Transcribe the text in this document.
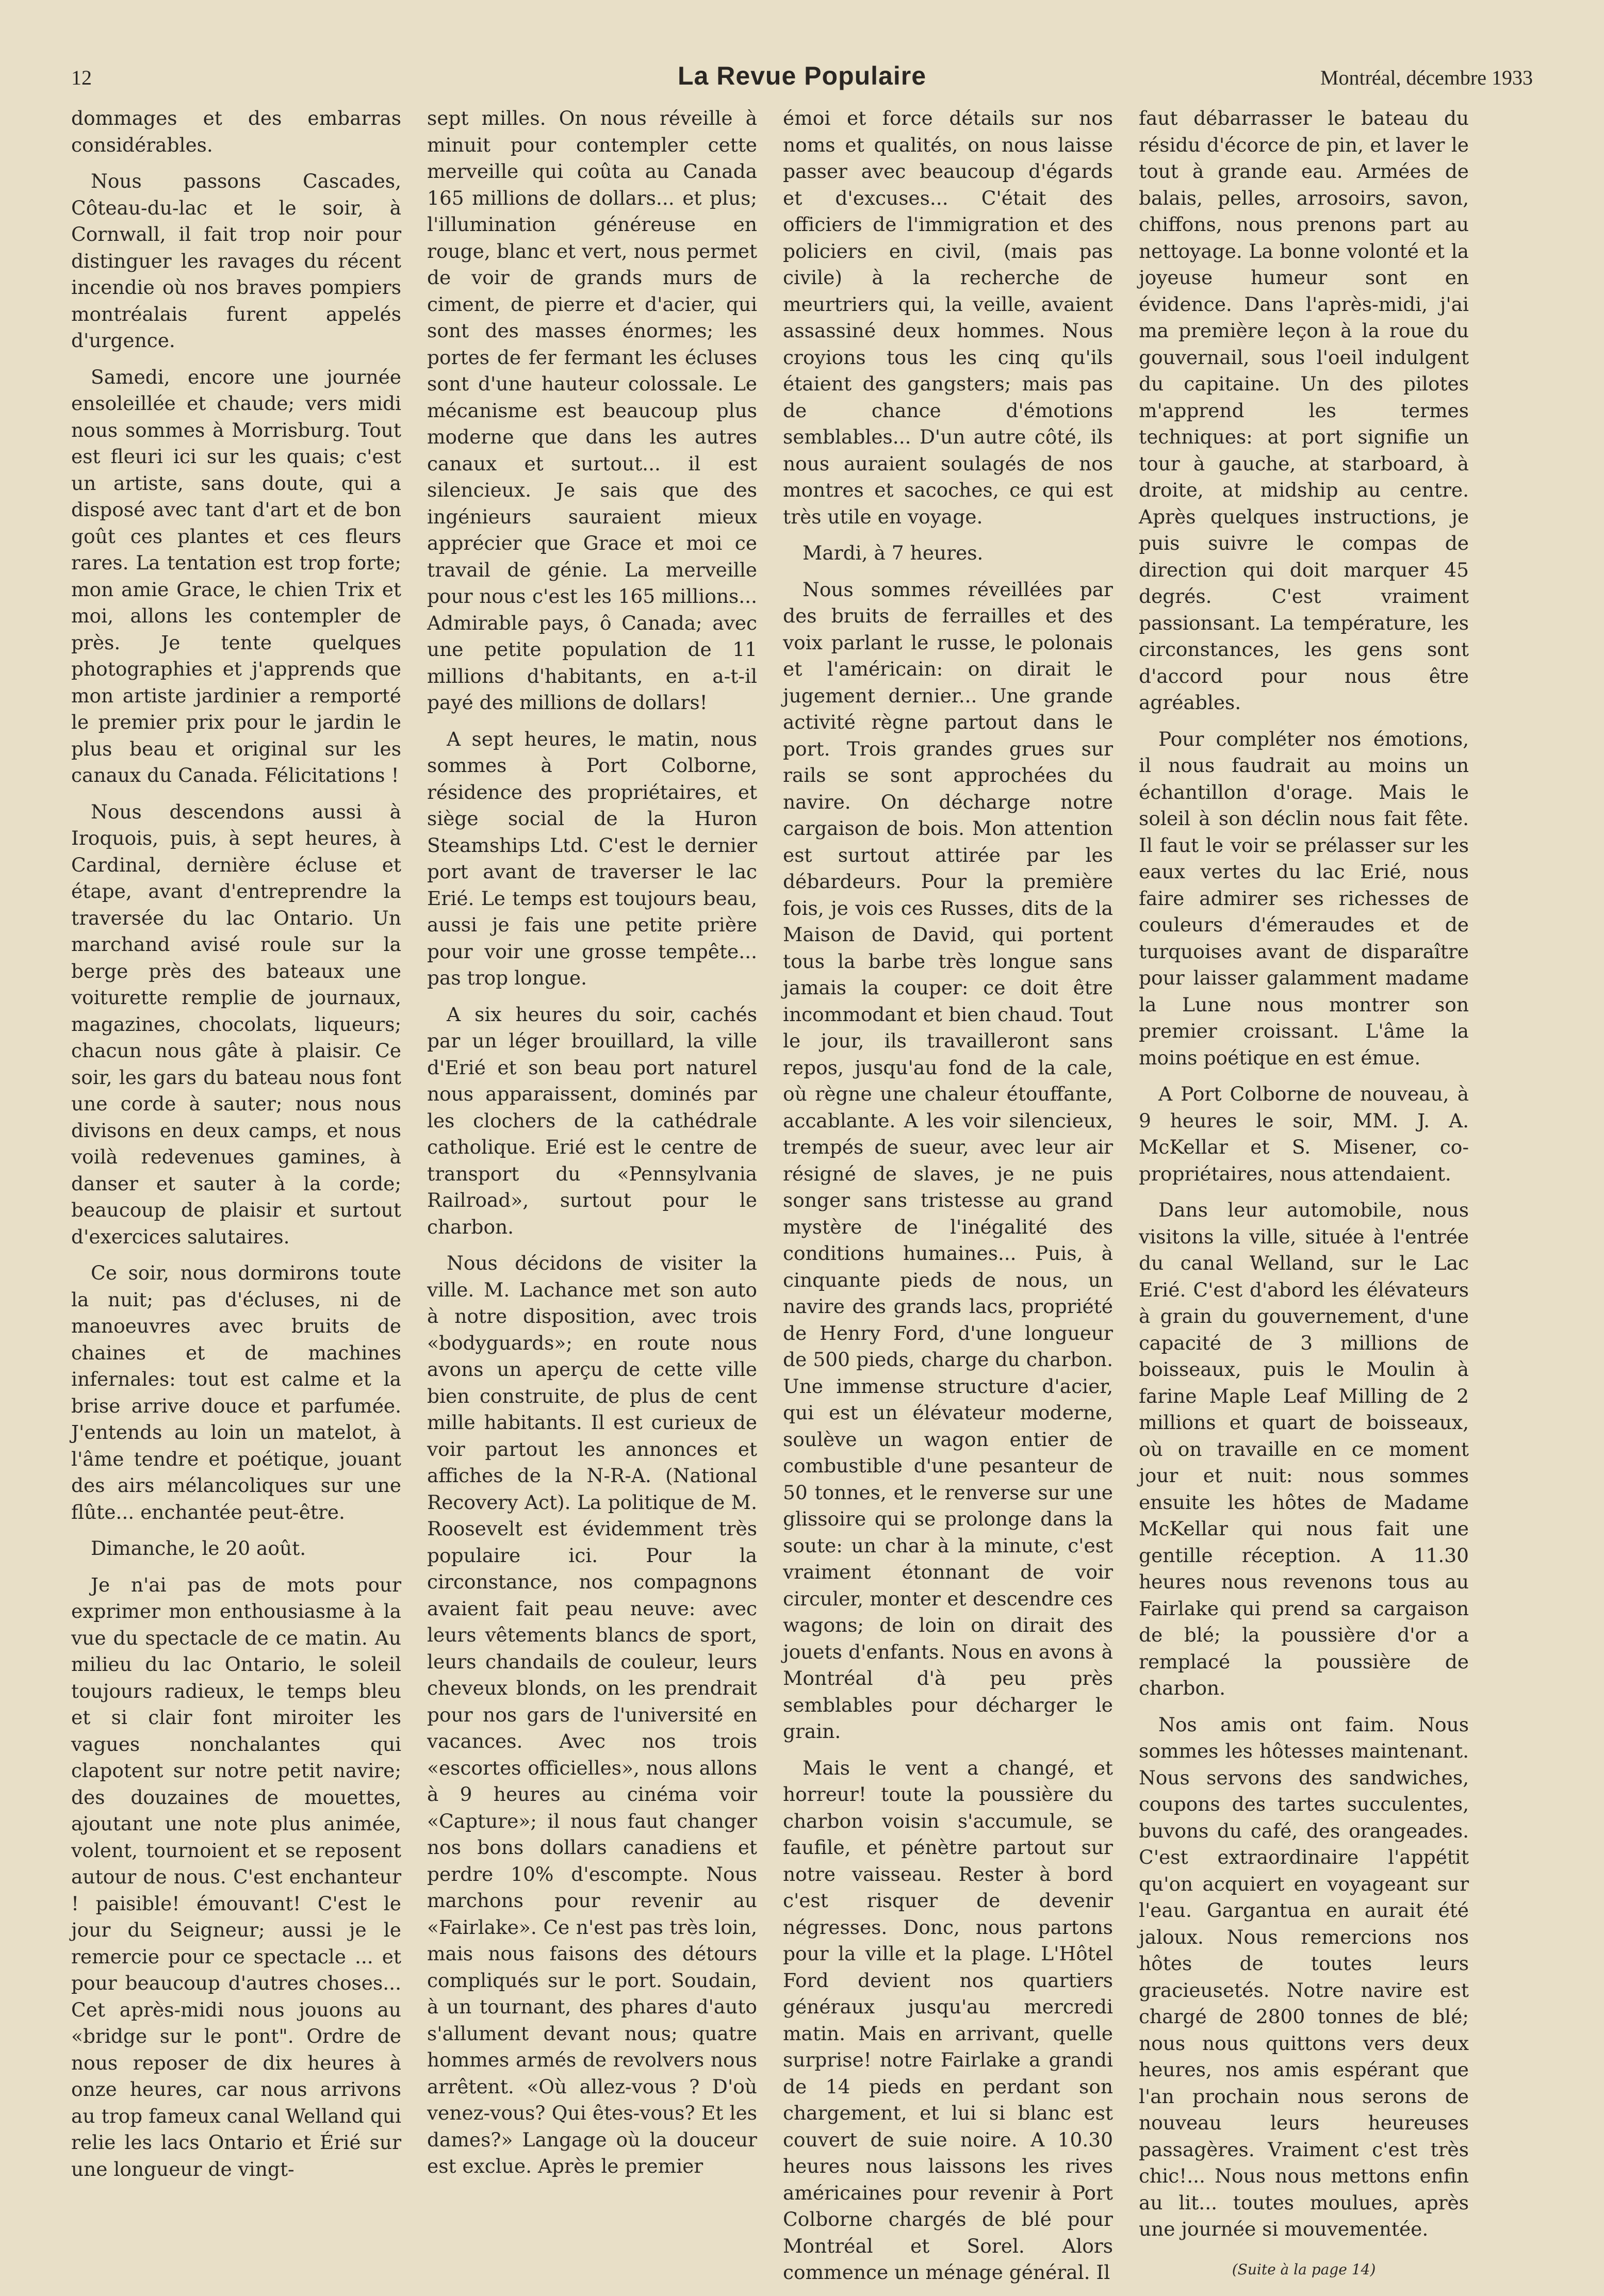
12	La Revue Populaire	Montréal, décembre 1933

dommages et des embarras considérables.

Nous passons Cascades, Côteau-du-lac et le soir, à Cornwall, il fait trop noir pour distinguer les ravages du récent incendie où nos braves pompiers montréalais furent appelés d'urgence.

Samedi, encore une journée ensoleillée et chaude; vers midi nous sommes à Morrisburg. Tout est fleuri ici sur les quais; c'est un artiste, sans doute, qui a disposé avec tant d'art et de bon goût ces plantes et ces fleurs rares. La tentation est trop forte; mon amie Grace, le chien Trix et moi, allons les contempler de près. Je tente quelques photographies et j'apprends que mon artiste jardinier a remporté le premier prix pour le jardin le plus beau et original sur les canaux du Canada. Félicitations !

Nous descendons aussi à Iroquois, puis, à sept heures, à Cardinal, dernière écluse et étape, avant d'entreprendre la traversée du lac Ontario. Un marchand avisé roule sur la berge près des bateaux une voiturette remplie de journaux, magazines, chocolats, liqueurs; chacun nous gâte à plaisir. Ce soir, les gars du bateau nous font une corde à sauter; nous nous divisons en deux camps, et nous voilà redevenues gamines, à danser et sauter à la corde; beaucoup de plaisir et surtout d'exercices salutaires.

Ce soir, nous dormirons toute la nuit; pas d'écluses, ni de manoeuvres avec bruits de chaines et de machines infernales: tout est calme et la brise arrive douce et parfumée. J'entends au loin un matelot, à l'âme tendre et poétique, jouant des airs mélancoliques sur une flûte... enchantée peut-être.

Dimanche, le 20 août.

Je n'ai pas de mots pour exprimer mon enthousiasme à la vue du spectacle de ce matin. Au milieu du lac Ontario, le soleil toujours radieux, le temps bleu et si clair font miroiter les vagues nonchalantes qui clapotent sur notre petit navire; des douzaines de mouettes, ajoutant une note plus animée, volent, tournoient et se reposent autour de nous. C'est enchanteur ! paisible! émouvant! C'est le jour du Seigneur; aussi je le remercie pour ce spectacle ... et pour beaucoup d'autres choses... Cet après-midi nous jouons au «bridge sur le pont". Ordre de nous reposer de dix heures à onze heures, car nous arrivons au trop fameux canal Welland qui relie les lacs Ontario et Érié sur une longueur de vingt-

sept milles. On nous réveille à minuit pour contempler cette merveille qui coûta au Canada 165 millions de dollars... et plus; l'illumination généreuse en rouge, blanc et vert, nous permet de voir de grands murs de ciment, de pierre et d'acier, qui sont des masses énormes; les portes de fer fermant les écluses sont d'une hauteur colossale. Le mécanisme est beaucoup plus moderne que dans les autres canaux et surtout... il est silencieux. Je sais que des ingénieurs sauraient mieux apprécier que Grace et moi ce travail de génie. La merveille pour nous c'est les 165 millions... Admirable pays, ô Canada; avec une petite population de 11 millions d'habitants, en a-t-il payé des millions de dollars!

A sept heures, le matin, nous sommes à Port Colborne, résidence des propriétaires, et siège social de la Huron Steamships Ltd. C'est le dernier port avant de traverser le lac Erié. Le temps est toujours beau, aussi je fais une petite prière pour voir une grosse tempête... pas trop longue.

A six heures du soir, cachés par un léger brouillard, la ville d'Erié et son beau port naturel nous apparaissent, dominés par les clochers de la cathédrale catholique. Erié est le centre de transport du «Pennsylvania Railroad», surtout pour le charbon.

Nous décidons de visiter la ville. M. Lachance met son auto à notre disposition, avec trois «bodyguards»; en route nous avons un aperçu de cette ville bien construite, de plus de cent mille habitants. Il est curieux de voir partout les annonces et affiches de la N-R-A. (National Recovery Act). La politique de M. Roosevelt est évidemment très populaire ici. Pour la circonstance, nos compagnons avaient fait peau neuve: avec leurs vêtements blancs de sport, leurs chandails de couleur, leurs cheveux blonds, on les prendrait pour nos gars de l'université en vacances. Avec nos trois «escortes officielles», nous allons à 9 heures au cinéma voir «Capture»; il nous faut changer nos bons dollars canadiens et perdre 10% d'escompte. Nous marchons pour revenir au «Fairlake». Ce n'est pas très loin, mais nous faisons des détours compliqués sur le port. Soudain, à un tournant, des phares d'auto s'allument devant nous; quatre hommes armés de revolvers nous arrêtent. «Où allez-vous ? D'où venez-vous? Qui êtes-vous? Et les dames?» Langage où la douceur est exclue. Après le premier

émoi et force détails sur nos noms et qualités, on nous laisse passer avec beaucoup d'égards et d'excuses... C'était des officiers de l'immigration et des policiers en civil, (mais pas civile) à la recherche de meurtriers qui, la veille, avaient assassiné deux hommes. Nous croyions tous les cinq qu'ils étaient des gangsters; mais pas de chance d'émotions semblables... D'un autre côté, ils nous auraient soulagés de nos montres et sacoches, ce qui est très utile en voyage.

Mardi, à 7 heures.

Nous sommes réveillées par des bruits de ferrailles et des voix parlant le russe, le polonais et l'américain: on dirait le jugement dernier... Une grande activité règne partout dans le port. Trois grandes grues sur rails se sont approchées du navire. On décharge notre cargaison de bois. Mon attention est surtout attirée par les débardeurs. Pour la première fois, je vois ces Russes, dits de la Maison de David, qui portent tous la barbe très longue sans jamais la couper: ce doit être incommodant et bien chaud. Tout le jour, ils travailleront sans repos, jusqu'au fond de la cale, où règne une chaleur étouffante, accablante. A les voir silencieux, trempés de sueur, avec leur air résigné de slaves, je ne puis songer sans tristesse au grand mystère de l'inégalité des conditions humaines... Puis, à cinquante pieds de nous, un navire des grands lacs, propriété de Henry Ford, d'une longueur de 500 pieds, charge du charbon. Une immense structure d'acier, qui est un élévateur moderne, soulève un wagon entier de combustible d'une pesanteur de 50 tonnes, et le renverse sur une glissoire qui se prolonge dans la soute: un char à la minute, c'est vraiment étonnant de voir circuler, monter et descendre ces wagons; de loin on dirait des jouets d'enfants. Nous en avons à Montréal d'à peu près semblables pour décharger le grain.

Mais le vent a changé, et horreur! toute la poussière du charbon voisin s'accumule, se faufile, et pénètre partout sur notre vaisseau. Rester à bord c'est risquer de devenir négresses. Donc, nous partons pour la ville et la plage. L'Hôtel Ford devient nos quartiers généraux jusqu'au mercredi matin. Mais en arrivant, quelle surprise! notre Fairlake a grandi de 14 pieds en perdant son chargement, et lui si blanc est couvert de suie noire. A 10.30 heures nous laissons les rives américaines pour revenir à Port Colborne chargés de blé pour Montréal et Sorel. Alors commence un ménage général. Il

faut débarrasser le bateau du résidu d'écorce de pin, et laver le tout à grande eau. Armées de balais, pelles, arrosoirs, savon, chiffons, nous prenons part au nettoyage. La bonne volonté et la joyeuse humeur sont en évidence. Dans l'après-midi, j'ai ma première leçon à la roue du gouvernail, sous l'oeil indulgent du capitaine. Un des pilotes m'apprend les termes techniques: at port signifie un tour à gauche, at starboard, à droite, at midship au centre. Après quelques instructions, je puis suivre le compas de direction qui doit marquer 45 degrés. C'est vraiment passionsant. La température, les circonstances, les gens sont d'accord pour nous être agréables.

Pour compléter nos émotions, il nous faudrait au moins un échantillon d'orage. Mais le soleil à son déclin nous fait fête. Il faut le voir se prélasser sur les eaux vertes du lac Erié, nous faire admirer ses richesses de couleurs d'émeraudes et de turquoises avant de disparaître pour laisser galamment madame la Lune nous montrer son premier croissant. L'âme la moins poétique en est émue.

A Port Colborne de nouveau, à 9 heures le soir, MM. J. A. McKellar et S. Misener, co-propriétaires, nous attendaient.

Dans leur automobile, nous visitons la ville, située à l'entrée du canal Welland, sur le Lac Erié. C'est d'abord les élévateurs à grain du gouvernement, d'une capacité de 3 millions de boisseaux, puis le Moulin à farine Maple Leaf Milling de 2 millions et quart de boisseaux, où on travaille en ce moment jour et nuit: nous sommes ensuite les hôtes de Madame McKellar qui nous fait une gentille réception. A 11.30 heures nous revenons tous au Fairlake qui prend sa cargaison de blé; la poussière d'or a remplacé la poussière de charbon.

Nos amis ont faim. Nous sommes les hôtesses maintenant. Nous servons des sandwiches, coupons des tartes succulentes, buvons du café, des orangeades. C'est extraordinaire l'appétit qu'on acquiert en voyageant sur l'eau. Gargantua en aurait été jaloux. Nous remercions nos hôtes de toutes leurs gracieusetés. Notre navire est chargé de 2800 tonnes de blé; nous nous quittons vers deux heures, nos amis espérant que l'an prochain nous serons de nouveau leurs heureuses passagères. Vraiment c'est très chic!... Nous nous mettons enfin au lit... toutes moulues, après une journée si mouvementée.

(Suite à la page 14)
